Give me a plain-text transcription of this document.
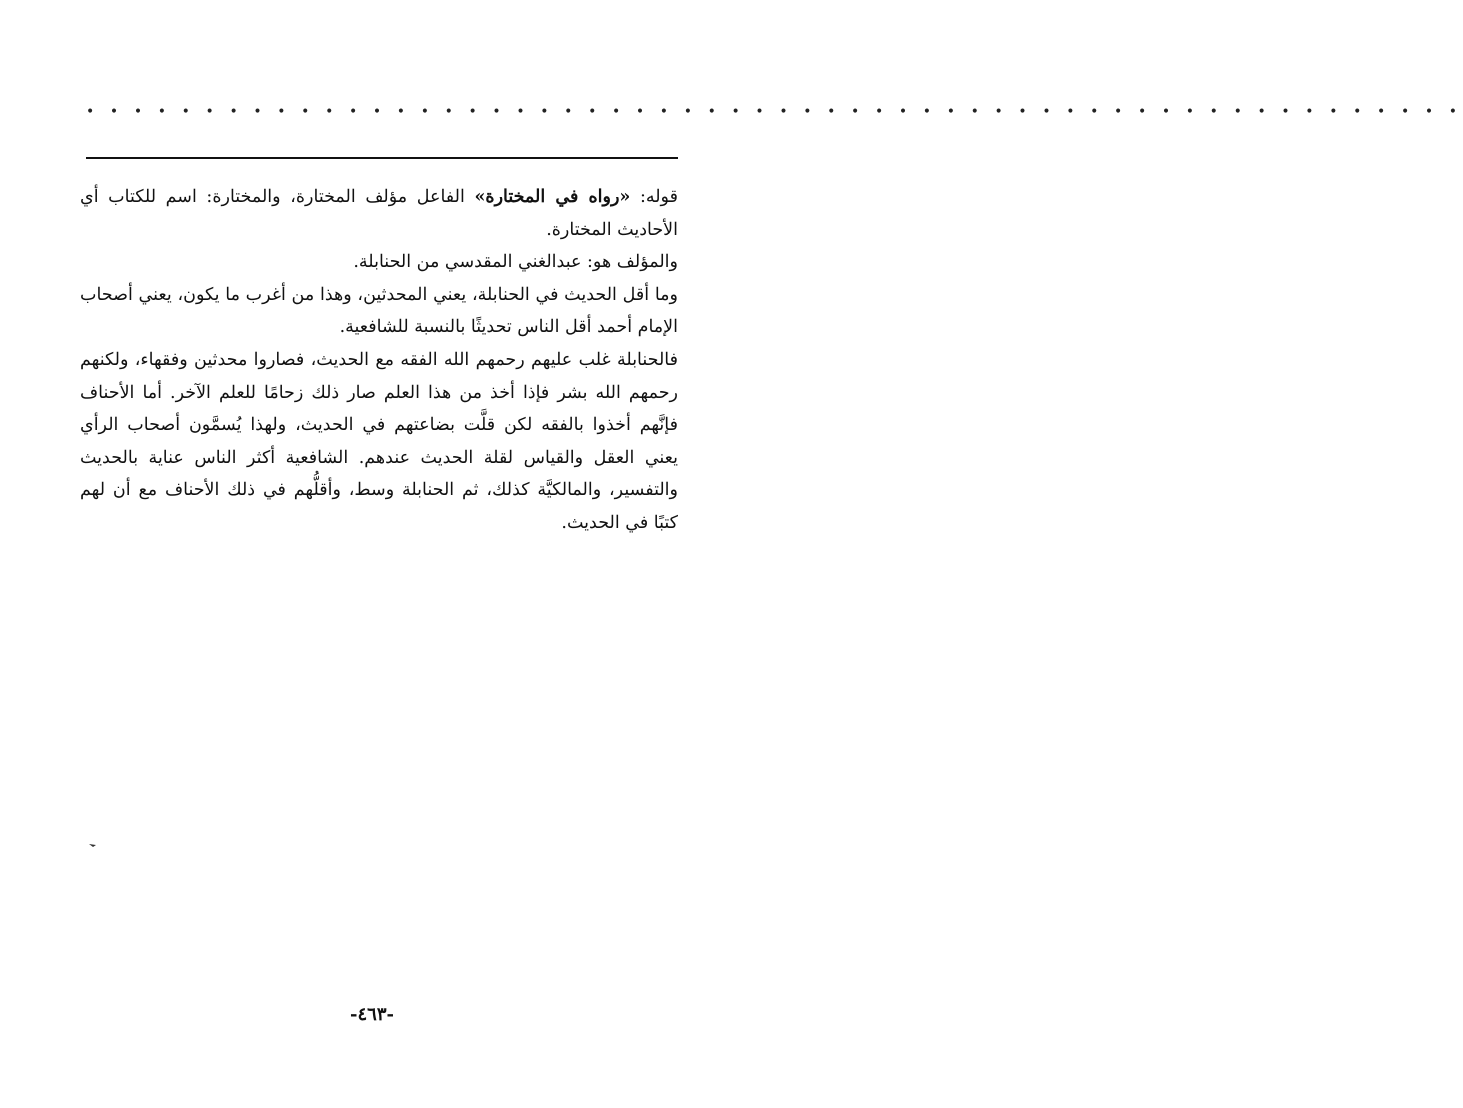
• • • • • • • • • • • • • • • • • • • • • • • • • • • • • • • • • • • • • • • • • • • • • • • • • • • • • • • • • •

قوله: «رواه في المختارة» الفاعل مؤلف المختارة، والمختارة: اسم للكتاب أي الأحاديث المختارة.

والمؤلف هو: عبدالغني المقدسي من الحنابلة.

وما أقل الحديث في الحنابلة، يعني المحدثين، وهذا من أغرب ما يكون، يعني أصحاب الإمام أحمد أقل الناس تحديثًا بالنسبة للشافعية.

فالحنابلة غلب عليهم رحمهم الله الفقه مع الحديث، فصاروا محدثين وفقهاء، ولكنهم رحمهم الله بشر فإذا أخذ من هذا العلم صار ذلك زحامًا للعلم الآخر. أما الأحناف فإنَّهم أخذوا بالفقه لكن قلَّت بضاعتهم في الحديث، ولهذا يُسمَّون أصحاب الرأي يعني العقل والقياس لقلة الحديث عندهم. الشافعية أكثر الناس عناية بالحديث والتفسير، والمالكيَّة كذلك، ثم الحنابلة وسط، وأقلُّهم في ذلك الأحناف مع أن لهم كتبًا في الحديث.

-٤٦٣-
